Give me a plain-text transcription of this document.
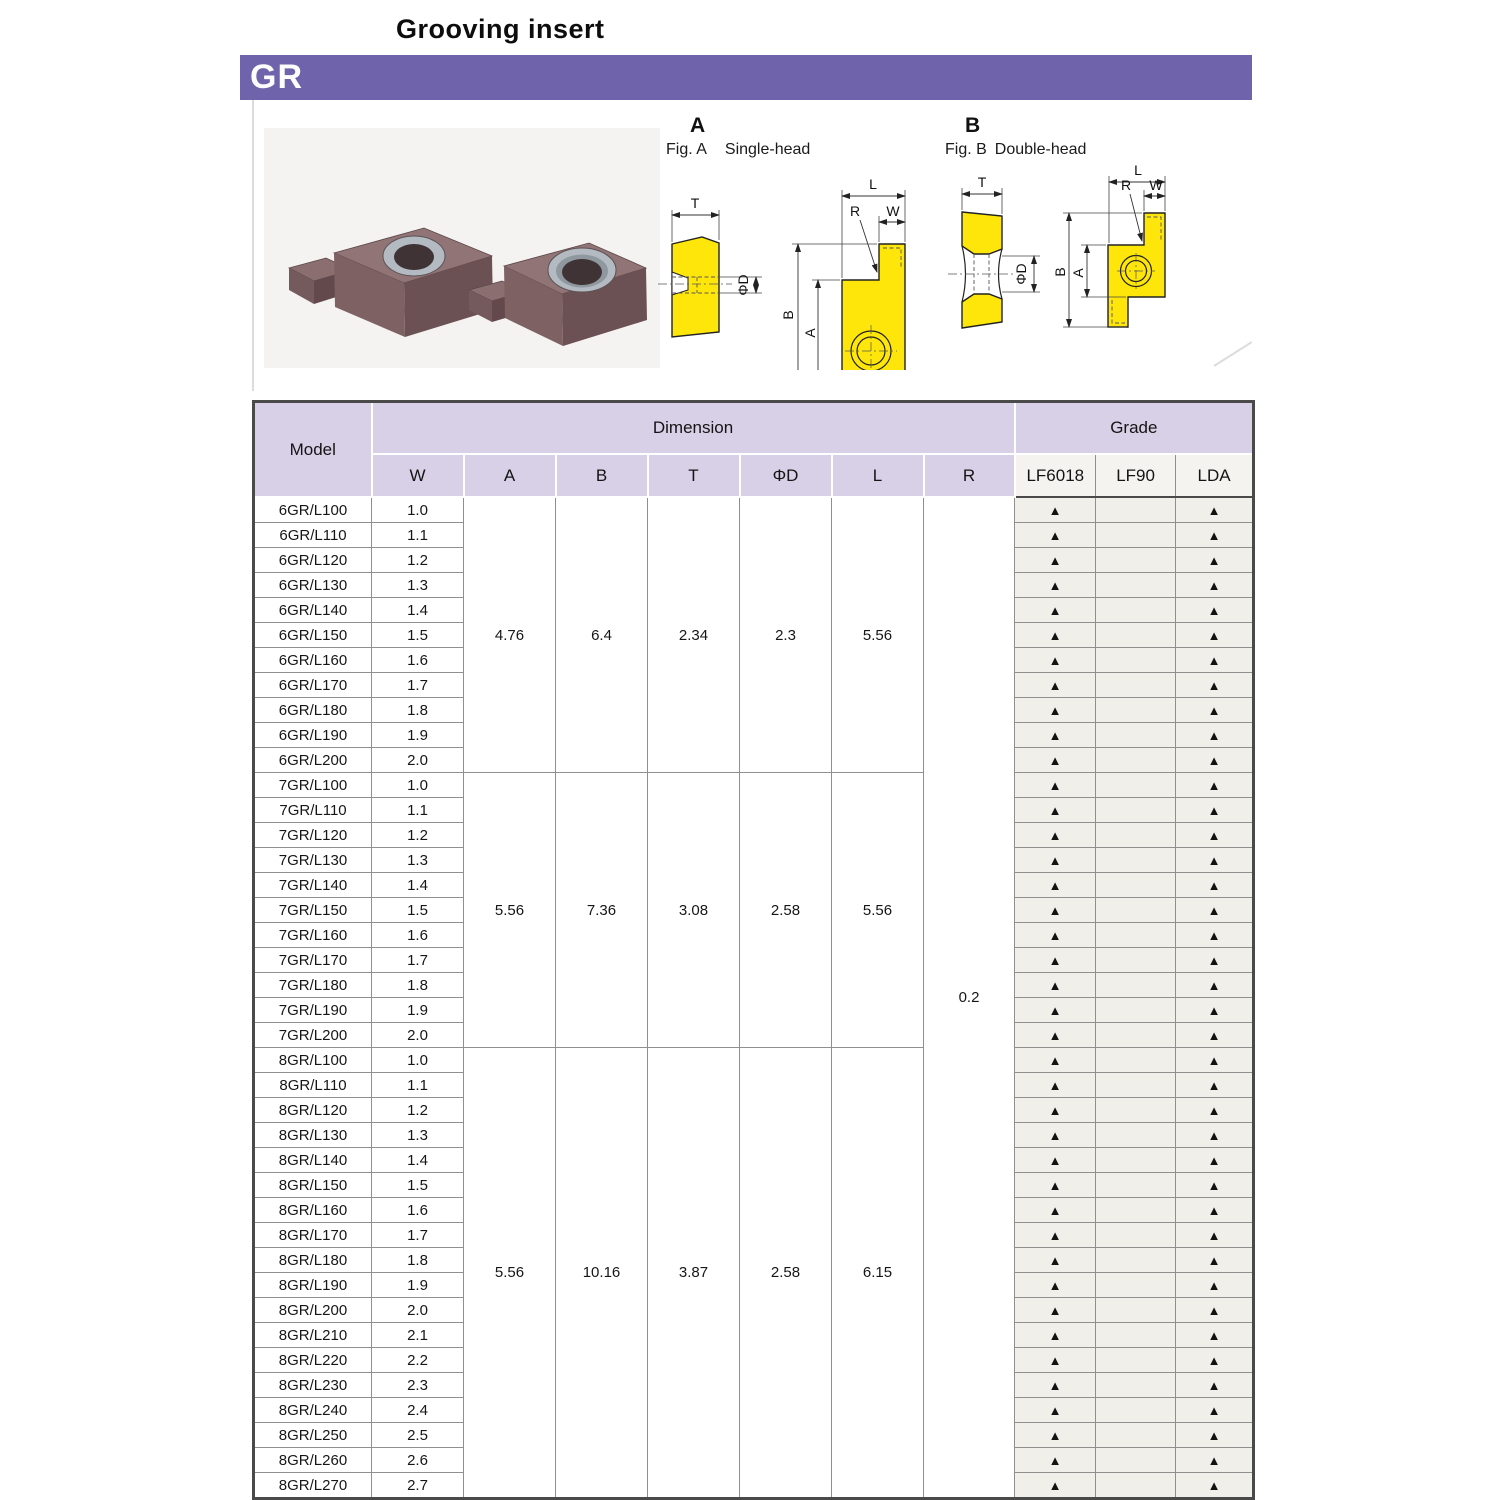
Grooving insert
GR
A
Fig. A Single-head
T
ΦD
L
W
R
B
A
B
Fig. B Double-head
T
ΦD
L
W
R
B A
Model	Dimension							Grade		
	W	A	B	T	ΦD	L	R	LF6018	LF90	LDA
6GR/L100	1.0	4.76	6.4	2.34	2.3	5.56	0.2	▲		▲
6GR/L110	1.1							▲		▲
6GR/L120	1.2							▲		▲
6GR/L130	1.3							▲		▲
6GR/L140	1.4							▲		▲
6GR/L150	1.5							▲		▲
6GR/L160	1.6							▲		▲
6GR/L170	1.7							▲		▲
6GR/L180	1.8							▲		▲
6GR/L190	1.9							▲		▲
6GR/L200	2.0							▲		▲
7GR/L100	1.0	5.56	7.36	3.08	2.58	5.56		▲		▲
7GR/L110	1.1							▲		▲
7GR/L120	1.2							▲		▲
7GR/L130	1.3							▲		▲
7GR/L140	1.4							▲		▲
7GR/L150	1.5							▲		▲
7GR/L160	1.6							▲		▲
7GR/L170	1.7							▲		▲
7GR/L180	1.8							▲		▲
7GR/L190	1.9							▲		▲
7GR/L200	2.0							▲		▲
8GR/L100	1.0	5.56	10.16	3.87	2.58	6.15		▲		▲
8GR/L110	1.1							▲		▲
8GR/L120	1.2							▲		▲
8GR/L130	1.3							▲		▲
8GR/L140	1.4							▲		▲
8GR/L150	1.5							▲		▲
8GR/L160	1.6							▲		▲
8GR/L170	1.7							▲		▲
8GR/L180	1.8							▲		▲
8GR/L190	1.9							▲		▲
8GR/L200	2.0							▲		▲
8GR/L210	2.1							▲		▲
8GR/L220	2.2							▲		▲
8GR/L230	2.3							▲		▲
8GR/L240	2.4							▲		▲
8GR/L250	2.5							▲		▲
8GR/L260	2.6							▲		▲
8GR/L270	2.7							▲		▲
